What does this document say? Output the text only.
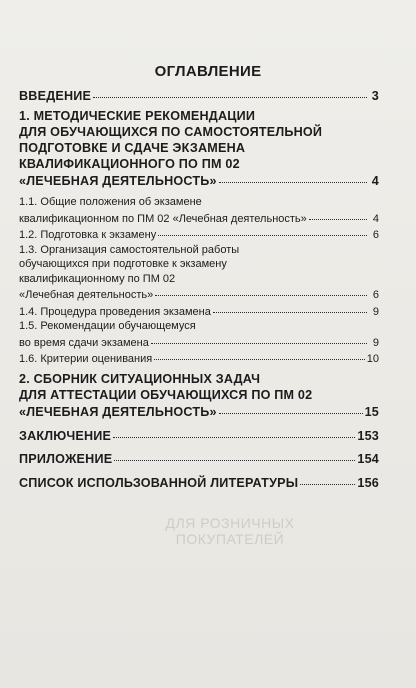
ДЛЯ РОЗНИЧНЫХ ПОКУПАТЕЛЕЙ
ОГЛАВЛЕНИЕ
ВВЕДЕНИЕ	3
1. МЕТОДИЧЕСКИЕ РЕКОМЕНДАЦИИ
ДЛЯ ОБУЧАЮЩИХСЯ ПО САМОСТОЯТЕЛЬНОЙ
ПОДГОТОВКЕ И СДАЧЕ ЭКЗАМЕНА
КВАЛИФИКАЦИОННОГО ПО ПМ 02
«ЛЕЧЕБНАЯ ДЕЯТЕЛЬНОСТЬ»	4
1.1. Общие положения об экзамене
квалификационном по ПМ 02 «Лечебная деятельность»	4
1.2. Подготовка к экзамену	6
1.3. Организация самостоятельной работы
обучающихся при подготовке к экзамену
квалификационному по ПМ 02
«Лечебная деятельность»	6
1.4. Процедура проведения экзамена	9
1.5. Рекомендации обучающемуся
во время сдачи экзамена	9
1.6. Критерии оценивания	10
2. СБОРНИК СИТУАЦИОННЫХ ЗАДАЧ
ДЛЯ АТТЕСТАЦИИ ОБУЧАЮЩИХСЯ ПО ПМ 02
«ЛЕЧЕБНАЯ ДЕЯТЕЛЬНОСТЬ»	15
ЗАКЛЮЧЕНИЕ	153
ПРИЛОЖЕНИЕ	154
СПИСОК ИСПОЛЬЗОВАННОЙ ЛИТЕРАТУРЫ	156
